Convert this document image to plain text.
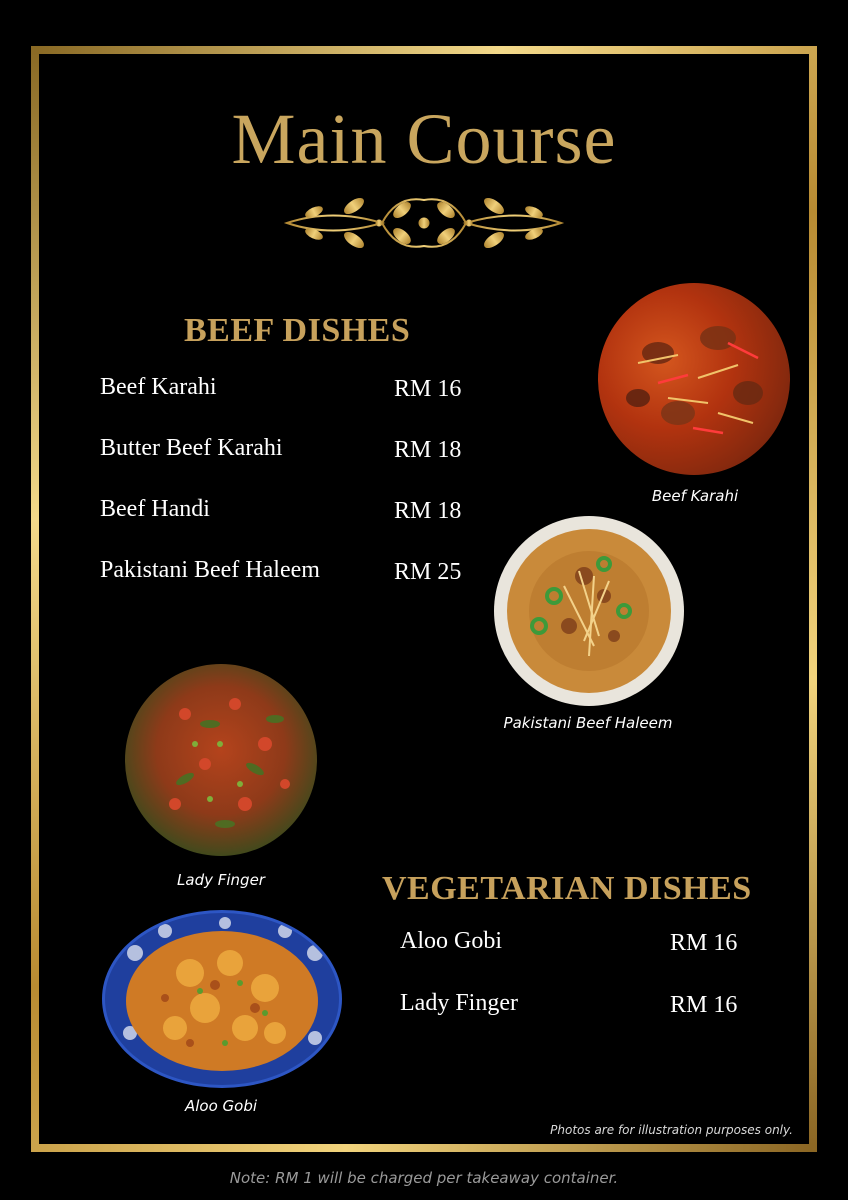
Main Course
BEEF DISHES
Beef Karahi	RM 16
Butter Beef Karahi	RM 18
Beef Handi	RM 18
Pakistani Beef Haleem	RM 25
Beef Karahi
Pakistani Beef Haleem
Lady Finger
Aloo Gobi
VEGETARIAN DISHES
Aloo Gobi	RM 16
Lady Finger	RM 16
Photos are for illustration purposes only.
Note: RM 1 will be charged per takeaway container.
